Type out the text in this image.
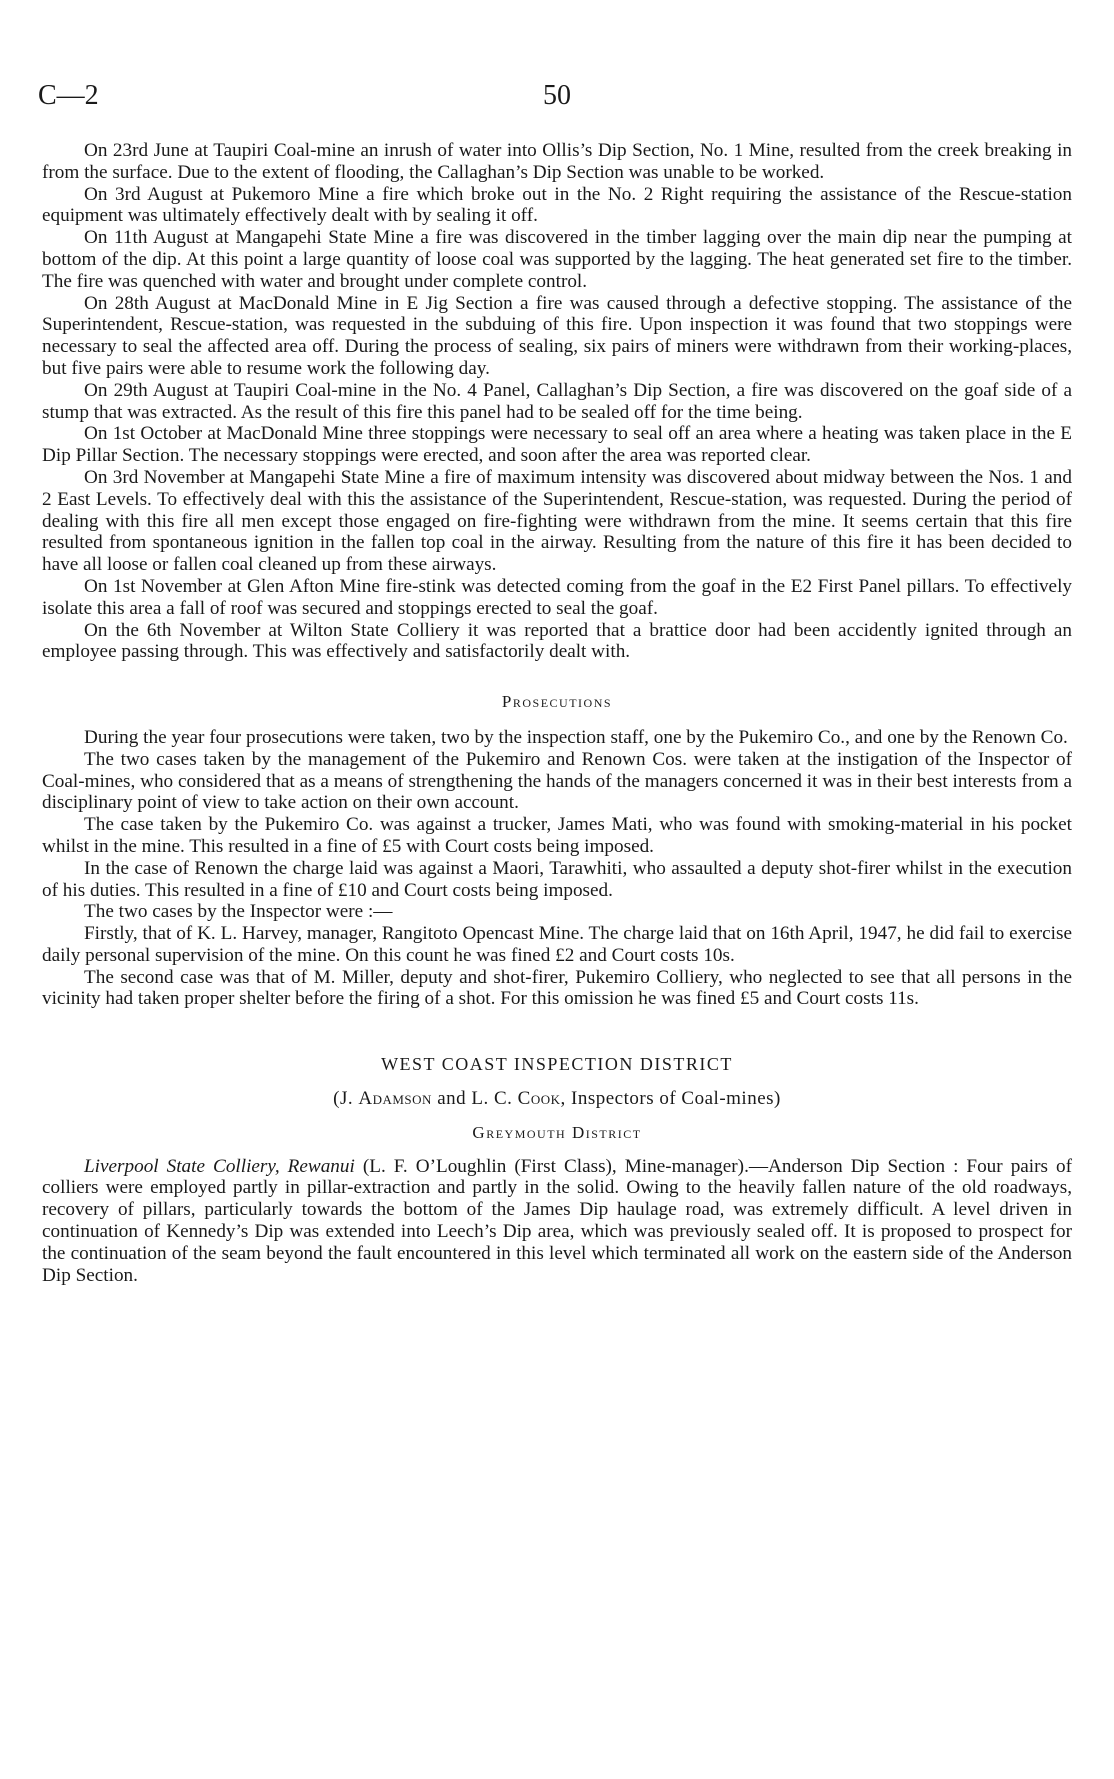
C—2	50

On 23rd June at Taupiri Coal-mine an inrush of water into Ollis’s Dip Section, No. 1 Mine, resulted from the creek breaking in from the surface. Due to the extent of flooding, the Callaghan’s Dip Section was unable to be worked.

On 3rd August at Pukemoro Mine a fire which broke out in the No. 2 Right requiring the assistance of the Rescue-station equipment was ultimately effectively dealt with by sealing it off.

On 11th August at Mangapehi State Mine a fire was discovered in the timber lagging over the main dip near the pumping at bottom of the dip. At this point a large quantity of loose coal was supported by the lagging. The heat generated set fire to the timber. The fire was quenched with water and brought under complete control.

On 28th August at MacDonald Mine in E Jig Section a fire was caused through a defective stopping. The assistance of the Superintendent, Rescue-station, was requested in the subduing of this fire. Upon inspection it was found that two stoppings were necessary to seal the affected area off. During the process of sealing, six pairs of miners were withdrawn from their working-places, but five pairs were able to resume work the following day.

On 29th August at Taupiri Coal-mine in the No. 4 Panel, Callaghan’s Dip Section, a fire was discovered on the goaf side of a stump that was extracted. As the result of this fire this panel had to be sealed off for the time being.

On 1st October at MacDonald Mine three stoppings were necessary to seal off an area where a heating was taken place in the E Dip Pillar Section. The necessary stoppings were erected, and soon after the area was reported clear.

On 3rd November at Mangapehi State Mine a fire of maximum intensity was discovered about midway between the Nos. 1 and 2 East Levels. To effectively deal with this the assistance of the Superintendent, Rescue-station, was requested. During the period of dealing with this fire all men except those engaged on fire-fighting were withdrawn from the mine. It seems certain that this fire resulted from spontaneous ignition in the fallen top coal in the airway. Resulting from the nature of this fire it has been decided to have all loose or fallen coal cleaned up from these airways.

On 1st November at Glen Afton Mine fire-stink was detected coming from the goaf in the E2 First Panel pillars. To effectively isolate this area a fall of roof was secured and stoppings erected to seal the goaf.

On the 6th November at Wilton State Colliery it was reported that a brattice door had been accidently ignited through an employee passing through. This was effectively and satisfactorily dealt with.

Prosecutions

During the year four prosecutions were taken, two by the inspection staff, one by the Pukemiro Co., and one by the Renown Co.

The two cases taken by the management of the Pukemiro and Renown Cos. were taken at the instigation of the Inspector of Coal-mines, who considered that as a means of strengthening the hands of the managers concerned it was in their best interests from a disciplinary point of view to take action on their own account.

The case taken by the Pukemiro Co. was against a trucker, James Mati, who was found with smoking-material in his pocket whilst in the mine. This resulted in a fine of £5 with Court costs being imposed.

In the case of Renown the charge laid was against a Maori, Tarawhiti, who assaulted a deputy shot-firer whilst in the execution of his duties. This resulted in a fine of £10 and Court costs being imposed.

The two cases by the Inspector were :—

Firstly, that of K. L. Harvey, manager, Rangitoto Opencast Mine. The charge laid that on 16th April, 1947, he did fail to exercise daily personal supervision of the mine. On this count he was fined £2 and Court costs 10s.

The second case was that of M. Miller, deputy and shot-firer, Pukemiro Colliery, who neglected to see that all persons in the vicinity had taken proper shelter before the firing of a shot. For this omission he was fined £5 and Court costs 11s.

WEST COAST INSPECTION DISTRICT

(J. Adamson and L. C. Cook, Inspectors of Coal-mines)

Greymouth District

Liverpool State Colliery, Rewanui (L. F. O’Loughlin (First Class), Mine-manager).—Anderson Dip Section : Four pairs of colliers were employed partly in pillar-extraction and partly in the solid. Owing to the heavily fallen nature of the old roadways, recovery of pillars, particularly towards the bottom of the James Dip haulage road, was extremely difficult. A level driven in continuation of Kennedy’s Dip was extended into Leech’s Dip area, which was previously sealed off. It is proposed to prospect for the continuation of the seam beyond the fault encountered in this level which terminated all work on the eastern side of the Anderson Dip Section.
